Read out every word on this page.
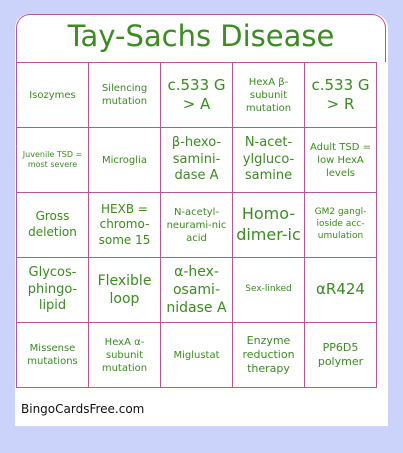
Tay-Sachs Disease
Isozymes	Silencing mutation	c.533 G > A	HexA β-subunit mutation	c.533 G > R
Juvenile TSD = most severe	Microglia	β-hexo-samini-dase A	N-acet-ylgluco-samine	Adult TSD = low HexA levels
Gross deletion	HEXB = chromo-some 15	N-acetyl-neurami-nic acid	Homo-dimer-ic	GM2 gangl-ioside acc-umulation
Glycos-phingo-lipid	Flexible loop	α-hex-osami-nidase A	Sex-linked	αR424
Missense mutations	HexA α-subunit mutation	Miglustat	Enzyme reduction therapy	PP6D5 polymer
BingoCardsFree.com
